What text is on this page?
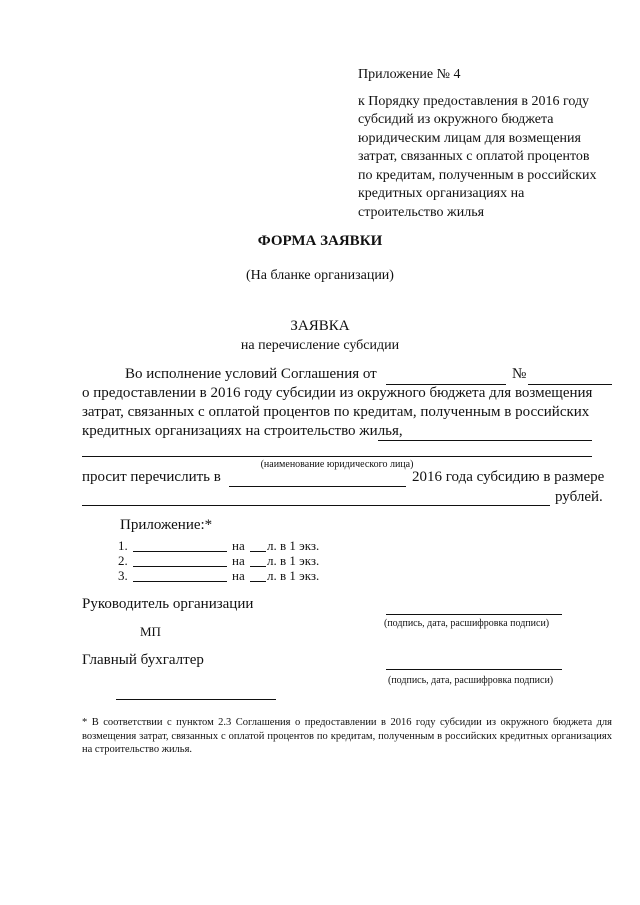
Приложение № 4
к Порядку предоставления в 2016 году
субсидий из окружного бюджета
юридическим лицам для возмещения
затрат, связанных с оплатой процентов
по кредитам, полученным в российских
кредитных организациях на
строительство жилья
ФОРМА ЗАЯВКИ
(На бланке организации)
ЗАЯВКА
на перечисление субсидии
Во исполнение условий Соглашения от	№
о предоставлении в 2016 году субсидии из окружного бюджета для возмещения
затрат, связанных с оплатой процентов по кредитам, полученным в российских
кредитных организациях на строительство жилья,
(наименование юридического лица)
просит перечислить в	2016 года субсидию в размере
рублей.
Приложение:*
1.	на л. в 1 экз.
2.	на л. в 1 экз.
3.	на л. в 1 экз.
Руководитель организации
(подпись, дата, расшифровка подписи)
МП
Главный бухгалтер
(подпись, дата, расшифровка подписи)
* В соответствии с пунктом 2.3 Соглашения о предоставлении в 2016 году субсидии из окружного бюджета для возмещения затрат, связанных с оплатой процентов по кредитам, полученным в российских кредитных организациях на строительство жилья.
